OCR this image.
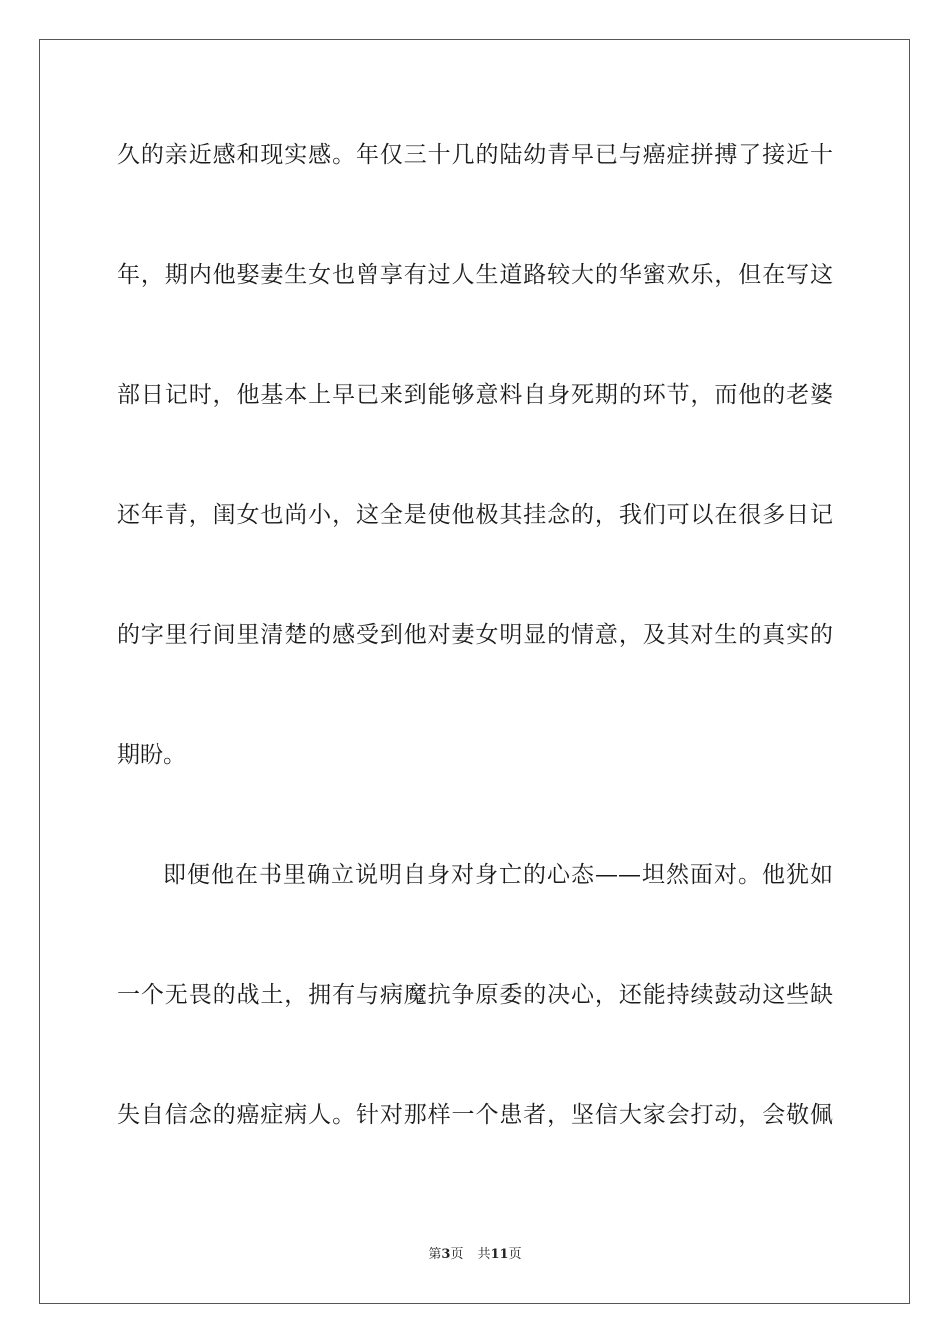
久的亲近感和现实感。年仅三十几的陆幼青早已与癌症拼搏了接近十
年，期内他娶妻生女也曾享有过人生道路较大的华蜜欢乐，但在写这
部日记时，他基本上早已来到能够意料自身死期的环节，而他的老婆
还年青，闺女也尚小，这全是使他极其挂念的，我们可以在很多日记
的字里行间里清楚的感受到他对妻女明显的情意，及其对生的真实的
期盼。
即便他在书里确立说明自身对身亡的心态——坦然面对。他犹如
一个无畏的战土，拥有与病魔抗争原委的决心，还能持续鼓动这些缺
失自信念的癌症病人。针对那样一个患者，坚信大家会打动，会敬佩
第3页 共11页
